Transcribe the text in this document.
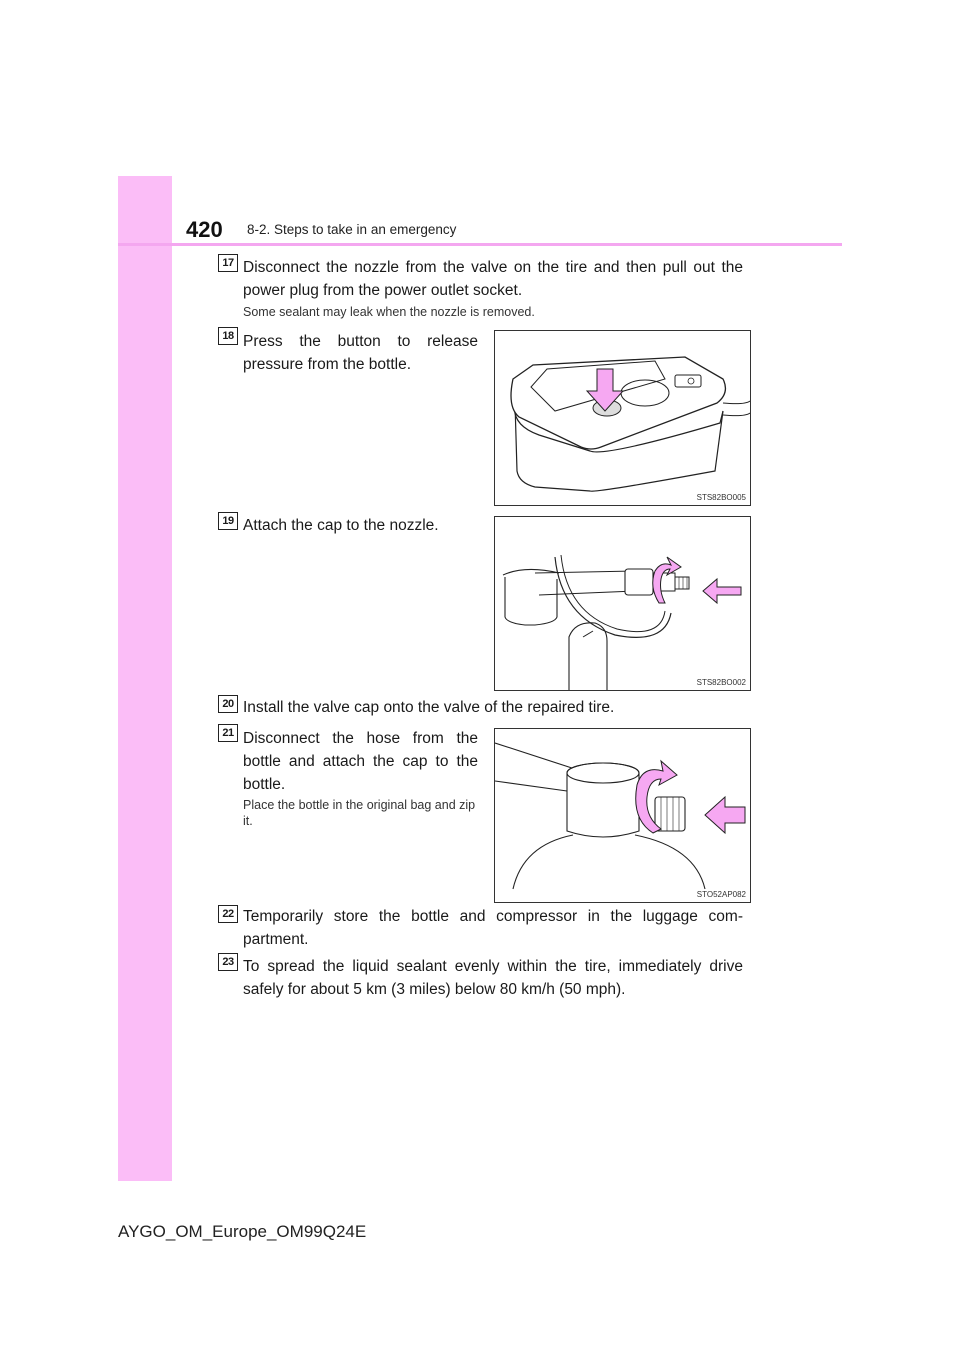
420 8-2. Steps to take in an emergency
17 Disconnect the nozzle from the valve on the tire and then pull out the power plug from the power outlet socket.
Some sealant may leak when the nozzle is removed.
18 Press the button to release pressure from the bottle.
STS82BO005
19 Attach the cap to the nozzle.
STS82BO002
20 Install the valve cap onto the valve of the repaired tire.
21 Disconnect the hose from the bottle and attach the cap to the bottle.
Place the bottle in the original bag and zip it.
STO52AP082
22 Temporarily store the bottle and compressor in the luggage com-partment.
23 To spread the liquid sealant evenly within the tire, immediately drive safely for about 5 km (3 miles) below 80 km/h (50 mph).
AYGO_OM_Europe_OM99Q24E
